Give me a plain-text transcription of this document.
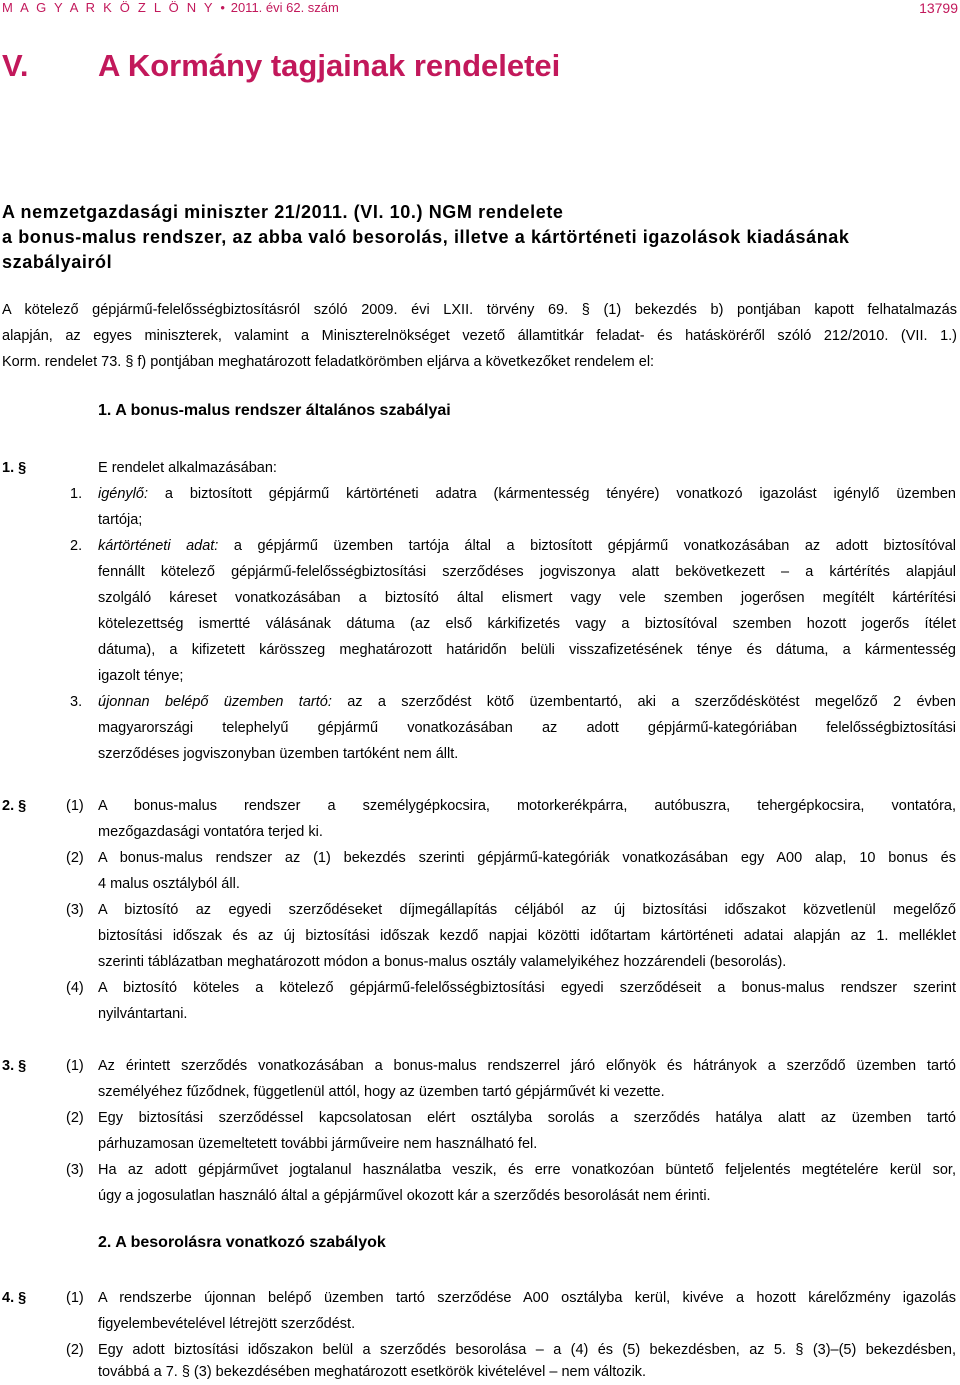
M A G Y A R K Ö Z L Ö N Y • 2011. évi 62. szám	13799
V. A Kormány tagjainak rendeletei
A nemzetgazdasági miniszter 21/2011. (VI. 10.) NGM rendelete
a bonus-malus rendszer, az abba való besorolás, illetve a kártörténeti igazolások kiadásának
szabályairól
A kötelező gépjármű-felelősségbiztosításról szóló 2009. évi LXII. törvény 69. § (1) bekezdés b) pontjában kapott felhatalmazás
alapján, az egyes miniszterek, valamint a Miniszterelnökséget vezető államtitkár feladat- és hatásköréről szóló 212/2010. (VII. 1.)
Korm. rendelet 73. § f) pontjában meghatározott feladatkörömben eljárva a következőket rendelem el:
1. A bonus-malus rendszer általános szabályai
1. §	E rendelet alkalmazásában:
1. igénylő: a biztosított gépjármű kártörténeti adatra (kármentesség tényére) vonatkozó igazolást igénylő üzemben
tartója;
2. kártörténeti adat: a gépjármű üzemben tartója által a biztosított gépjármű vonatkozásában az adott biztosítóval
fennállt kötelező gépjármű-felelősségbiztosítási szerződéses jogviszonya alatt bekövetkezett – a kártérítés alapjául
szolgáló káreset vonatkozásában a biztosító által elismert vagy vele szemben jogerősen megítélt kártérítési
kötelezettség ismertté válásának dátuma (az első kárkifizetés vagy a biztosítóval szemben hozott jogerős ítélet
dátuma), a kifizetett kárösszeg meghatározott határidőn belüli visszafizetésének ténye és dátuma, a kármentesség
igazolt ténye;
3. újonnan belépő üzemben tartó: az a szerződést kötő üzembentartó, aki a szerződéskötést megelőző 2 évben
magyarországi telephelyű gépjármű vonatkozásában az adott gépjármű-kategóriában felelősségbiztosítási
szerződéses jogviszonyban üzemben tartóként nem állt.
2. §	(1) A bonus-malus rendszer a személygépkocsira, motorkerékpárra, autóbuszra, tehergépkocsira, vontatóra,
mezőgazdasági vontatóra terjed ki.
(2) A bonus-malus rendszer az (1) bekezdés szerinti gépjármű-kategóriák vonatkozásában egy A00 alap, 10 bonus és
4 malus osztályból áll.
(3) A biztosító az egyedi szerződéseket díjmegállapítás céljából az új biztosítási időszakot közvetlenül megelőző
biztosítási időszak és az új biztosítási időszak kezdő napjai közötti időtartam kártörténeti adatai alapján az 1. melléklet
szerinti táblázatban meghatározott módon a bonus-malus osztály valamelyikéhez hozzárendeli (besorolás).
(4) A biztosító köteles a kötelező gépjármű-felelősségbiztosítási egyedi szerződéseit a bonus-malus rendszer szerint
nyilvántartani.
3. §	(1) Az érintett szerződés vonatkozásában a bonus-malus rendszerrel járó előnyök és hátrányok a szerződő üzemben tartó
személyéhez fűződnek, függetlenül attól, hogy az üzemben tartó gépjárművét ki vezette.
(2) Egy biztosítási szerződéssel kapcsolatosan elért osztályba sorolás a szerződés hatálya alatt az üzemben tartó
párhuzamosan üzemeltetett további járműveire nem használható fel.
(3) Ha az adott gépjárművet jogtalanul használatba veszik, és erre vonatkozóan büntető feljelentés megtételére kerül sor,
úgy a jogosulatlan használó által a gépjárművel okozott kár a szerződés besorolását nem érinti.
2. A besorolásra vonatkozó szabályok
4. §	(1) A rendszerbe újonnan belépő üzemben tartó szerződése A00 osztályba kerül, kivéve a hozott kárelőzmény igazolás
figyelembevételével létrejött szerződést.
(2) Egy adott biztosítási időszakon belül a szerződés besorolása – a (4) és (5) bekezdésben, az 5. § (3)–(5) bekezdésben,
továbbá a 7. § (3) bekezdésében meghatározott esetkörök kivételével – nem változik.
